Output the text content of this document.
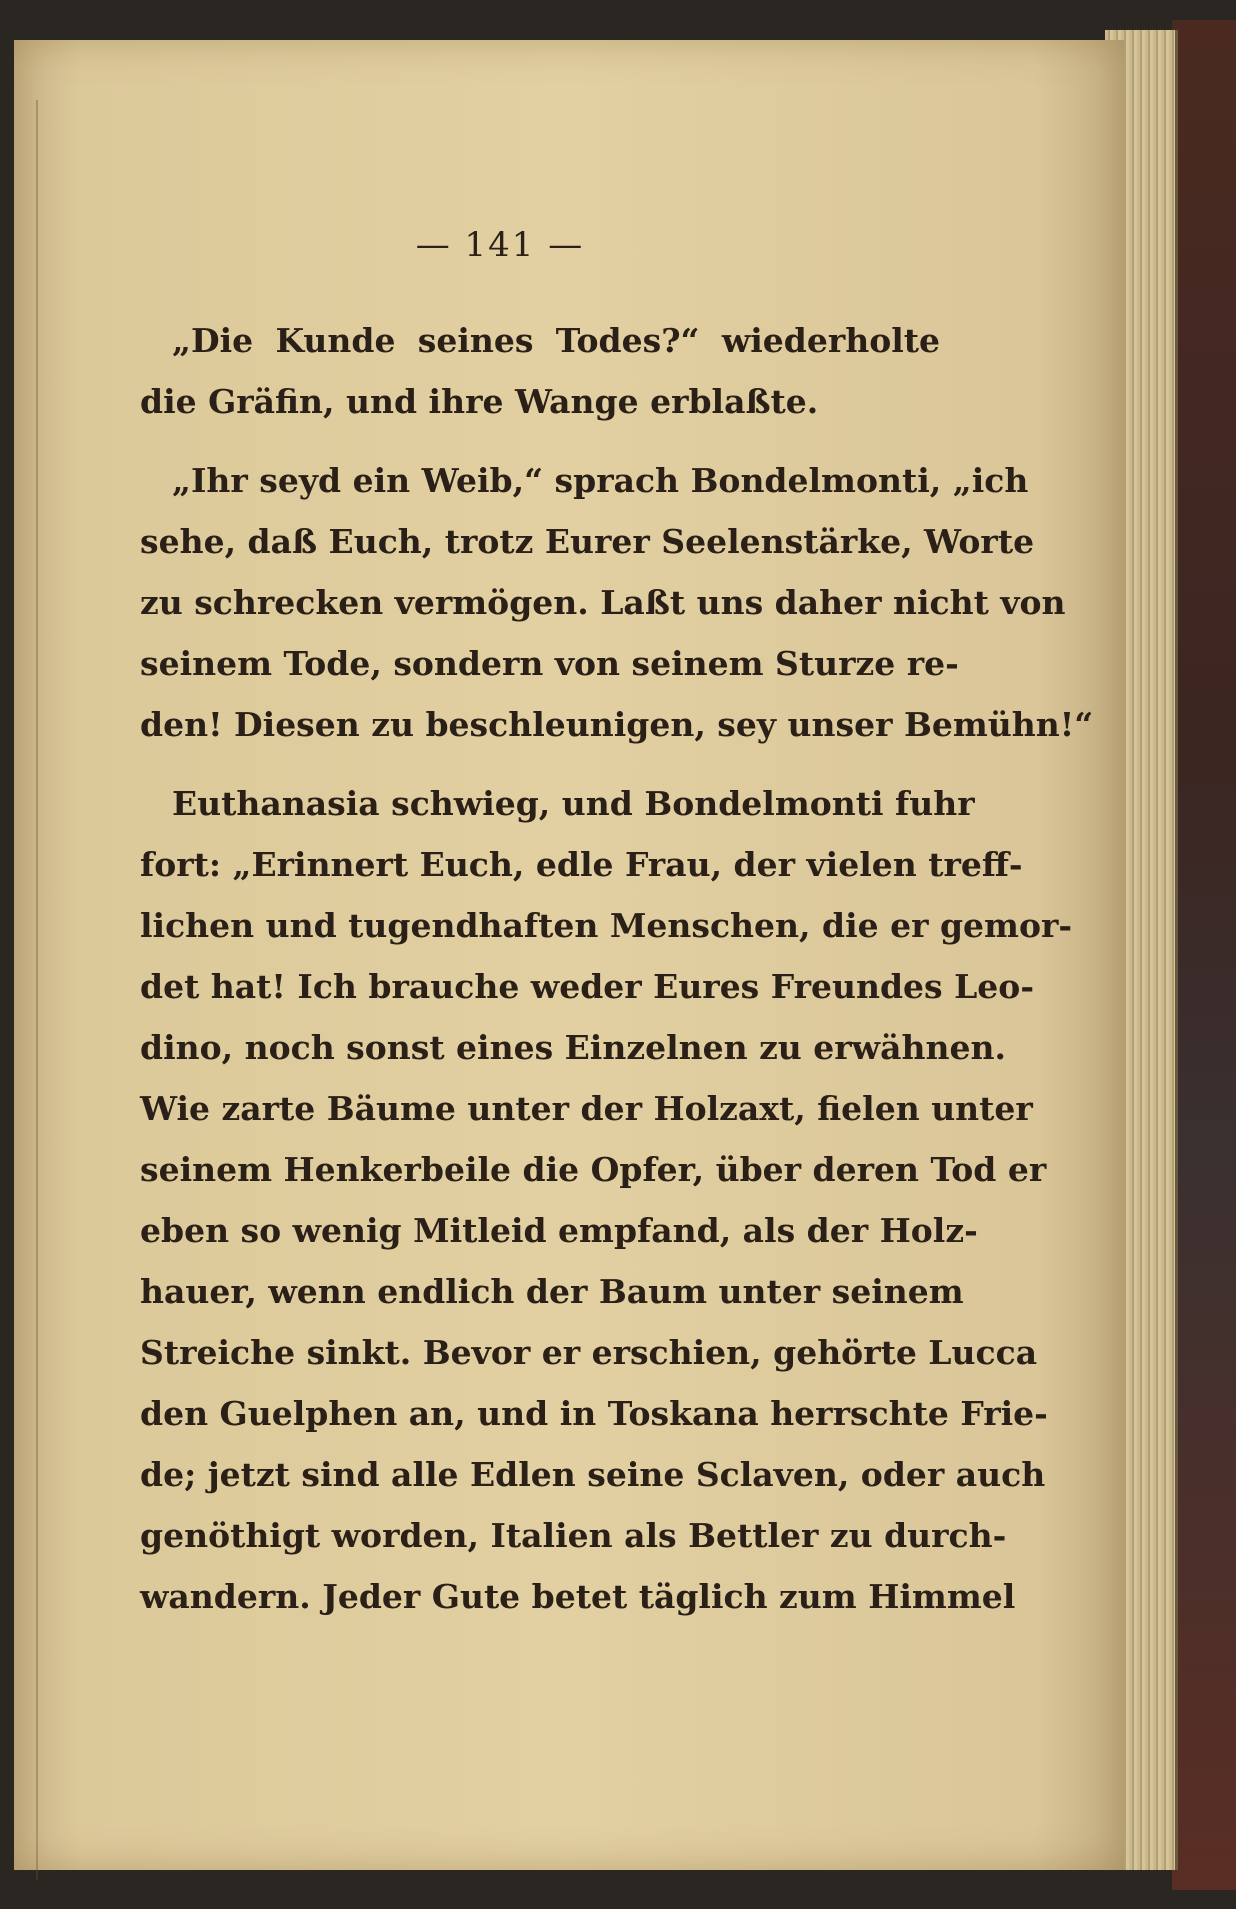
— 141 —
„Die Kunde seines Todes?“ wiederholte
die Gräfin, und ihre Wange erblaßte.
„Ihr seyd ein Weib,“ sprach Bondelmonti, „ich
sehe, daß Euch, trotz Eurer Seelenstärke, Worte
zu schrecken vermögen. Laßt uns daher nicht von
seinem Tode, sondern von seinem Sturze re-
den! Diesen zu beschleunigen, sey unser Bemühn!“
Euthanasia schwieg, und Bondelmonti fuhr
fort: „Erinnert Euch, edle Frau, der vielen treff-
lichen und tugendhaften Menschen, die er gemor-
det hat! Ich brauche weder Eures Freundes Leo-
dino, noch sonst eines Einzelnen zu erwähnen.
Wie zarte Bäume unter der Holzaxt, fielen unter
seinem Henkerbeile die Opfer, über deren Tod er
eben so wenig Mitleid empfand, als der Holz-
hauer, wenn endlich der Baum unter seinem
Streiche sinkt. Bevor er erschien, gehörte Lucca
den Guelphen an, und in Toskana herrschte Frie-
de; jetzt sind alle Edlen seine Sclaven, oder auch
genöthigt worden, Italien als Bettler zu durch-
wandern. Jeder Gute betet täglich zum Himmel
